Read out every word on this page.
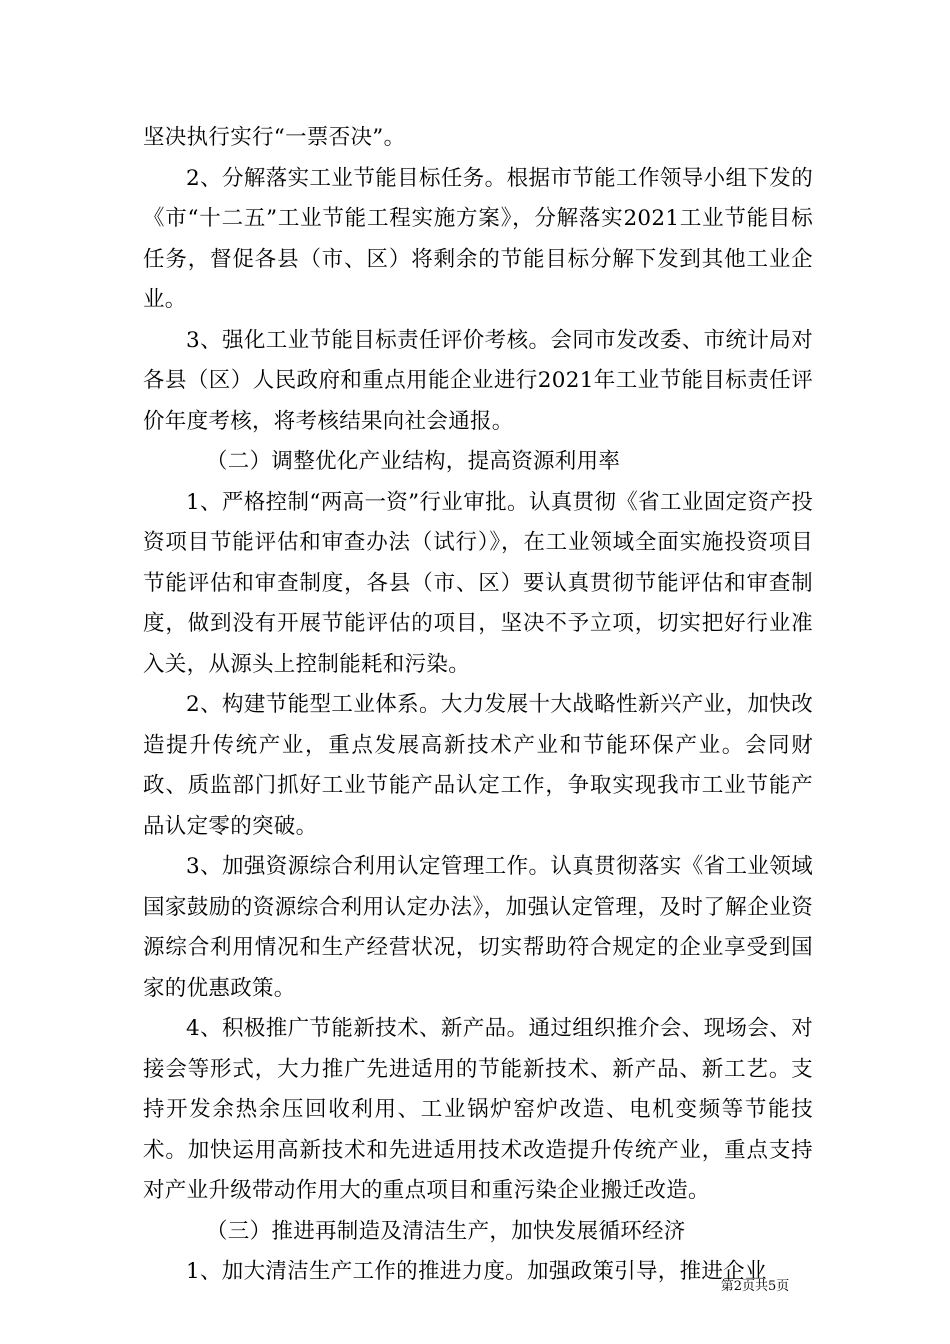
坚决执行实行“一票否决”。

2、分解落实工业节能目标任务。根据市节能工作领导小组下发的《市“十二五”工业节能工程实施方案》，分解落实2021工业节能目标任务，督促各县（市、区）将剩余的节能目标分解下发到其他工业企业。

3、强化工业节能目标责任评价考核。会同市发改委、市统计局对各县（区）人民政府和重点用能企业进行2021年工业节能目标责任评价年度考核，将考核结果向社会通报。

（二）调整优化产业结构，提高资源利用率

1、严格控制“两高一资”行业审批。认真贯彻《省工业固定资产投资项目节能评估和审查办法（试行）》，在工业领域全面实施投资项目节能评估和审查制度，各县（市、区）要认真贯彻节能评估和审查制度，做到没有开展节能评估的项目，坚决不予立项，切实把好行业准入关，从源头上控制能耗和污染。

2、构建节能型工业体系。大力发展十大战略性新兴产业，加快改造提升传统产业，重点发展高新技术产业和节能环保产业。会同财政、质监部门抓好工业节能产品认定工作，争取实现我市工业节能产品认定零的突破。

3、加强资源综合利用认定管理工作。认真贯彻落实《省工业领域国家鼓励的资源综合利用认定办法》，加强认定管理，及时了解企业资源综合利用情况和生产经营状况，切实帮助符合规定的企业享受到国家的优惠政策。

4、积极推广节能新技术、新产品。通过组织推介会、现场会、对接会等形式，大力推广先进适用的节能新技术、新产品、新工艺。支持开发余热余压回收利用、工业锅炉窑炉改造、电机变频等节能技术。加快运用高新技术和先进适用技术改造提升传统产业，重点支持对产业升级带动作用大的重点项目和重污染企业搬迁改造。

（三）推进再制造及清洁生产，加快发展循环经济

1、加大清洁生产工作的推进力度。加强政策引导，推进企业

第2页共5页
